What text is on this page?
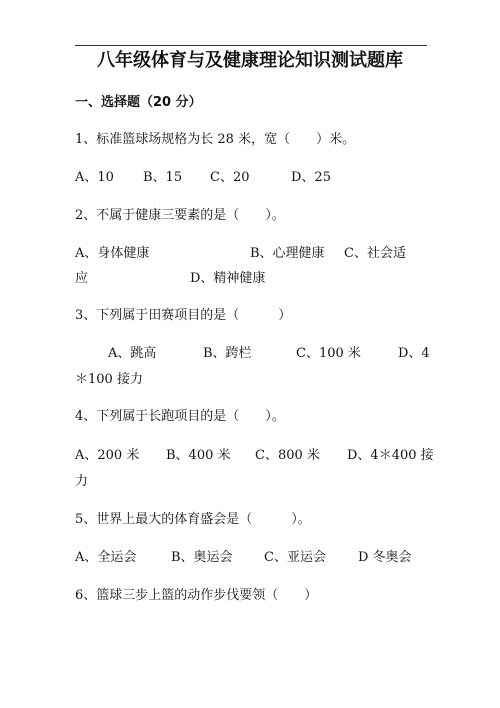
八年级体育与及健康理论知识测试题库
一、选择题（20 分）
1、标准篮球场规格为长 28 米，宽（　　）米。
A、10 B、15 C、20	D、25
2、不属于健康三要素的是（　　）。
A、身体健康	B、心理健康 C、社会适
应	D、精神健康
3、下列属于田赛项目的是（　　　）
A、跳高	B、跨栏	C、100 米	D、4
＊100 接力
4、下列属于长跑项目的是（　　）。
A、200 米 B、400 米 C、800 米 D、4＊400 接
力
5、世界上最大的体育盛会是（　　　）。
A、全运会	B、奥运会 C、亚运会 D 冬奥会
6、篮球三步上篮的动作步伐要领（　　）
